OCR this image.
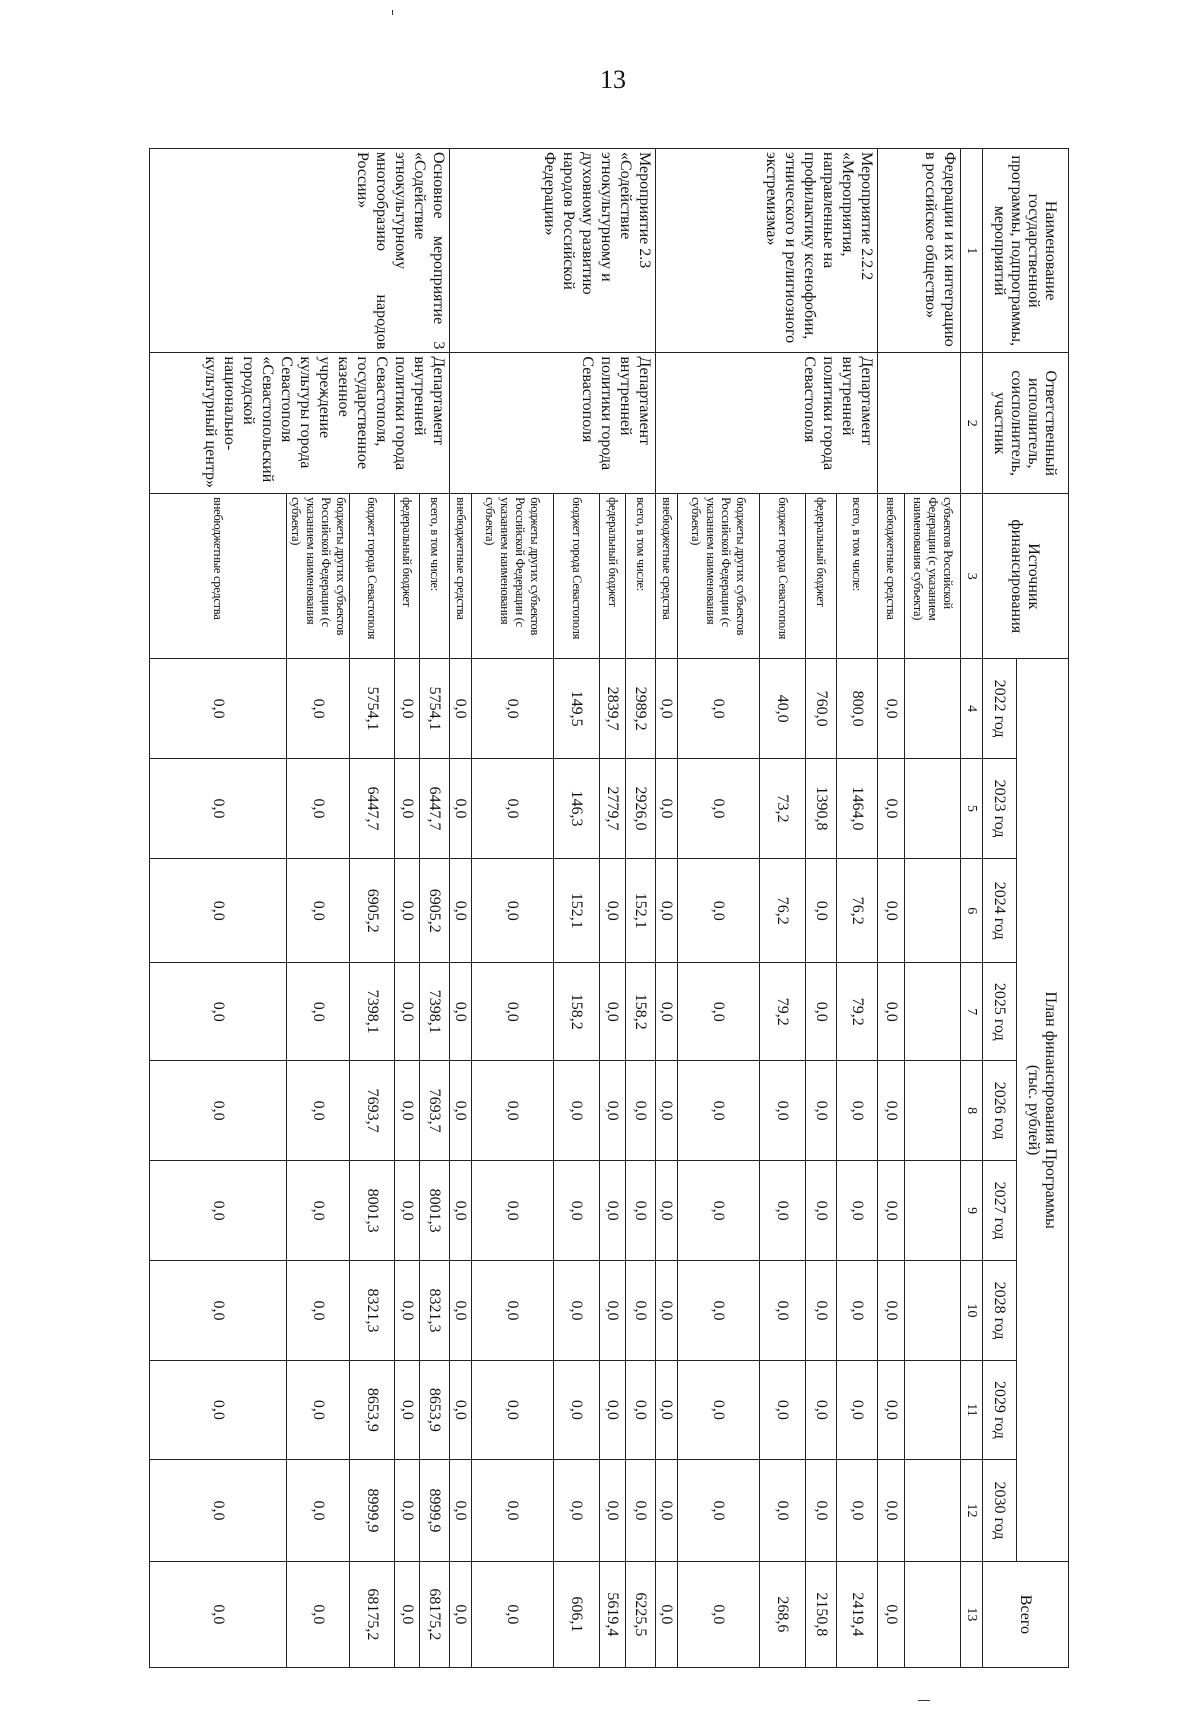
13
Наименование государственной программы, подпрограммы, мероприятий	Ответственный исполнитель, соисполнитель, участник	Источник финансирования	План финансирования Программы
(тыс. рублей)									Всего
			2022 год	2023 год	2024 год	2025 год	2026 год	2027 год	2028 год	2029 год	2030 год	
1	2	3	4	5	6	7	8	9	10	11	12	13
Федерации и их интеграцию в российское общество»		субъектов Российской Федерации (с указанием наименования субъекта)										
		внебюджетные средства	0,0	0,0	0,0	0,0	0,0	0,0	0,0	0,0	0,0	0,0
Мероприятие 2.2.2 «Мероприятия, направленные на профилактику ксенофобии, этнического и религиозного экстремизма»	Департамент внутренней политики города Севастополя	всего, в том числе:	800,0	1464,0	76,2	79,2	0,0	0,0	0,0	0,0	0,0	2419,4
		федеральный бюджет	760,0	1390,8	0,0	0,0	0,0	0,0	0,0	0,0	0,0	2150,8
		бюджет города Севастополя	40,0	73,2	76,2	79,2	0,0	0,0	0,0	0,0	0,0	268,6
		бюджеты других субъектов Российской Федерации (с указанием наименования субъекта)	0,0	0,0	0,0	0,0	0,0	0,0	0,0	0,0	0,0	0,0
		внебюджетные средства	0,0	0,0	0,0	0,0	0,0	0,0	0,0	0,0	0,0	0,0
Мероприятие 2.3 «Содействие этнокультурному и духовному развитию народов Российской Федерации»	Департамент внутренней политики города Севастополя	всего, в том числе:	2989,2	2926,0	152,1	158,2	0,0	0,0	0,0	0,0	0,0	6225,5
		федеральный бюджет	2839,7	2779,7	0,0	0,0	0,0	0,0	0,0	0,0	0,0	5619,4
		бюджет города Севастополя	149,5	146,3	152,1	158,2	0,0	0,0	0,0	0,0	0,0	606,1
		бюджеты других субъектов Российской Федерации (с указанием наименования субъекта)	0,0	0,0	0,0	0,0	0,0	0,0	0,0	0,0	0,0	0,0
		внебюджетные средства	0,0	0,0	0,0	0,0	0,0	0,0	0,0	0,0	0,0	0,0
Основное мероприятие 3 «Содействие этнокультурному многообразию народов России»	Департамент внутренней политики города Севастополя, государственное казенное учреждение культуры города Севастополя «Севастопольский городской национально-культурный центр»	всего, в том числе:	5754,1	6447,7	6905,2	7398,1	7693,7	8001,3	8321,3	8653,9	8999,9	68175,2
		федеральный бюджет	0,0	0,0	0,0	0,0	0,0	0,0	0,0	0,0	0,0	0,0
		бюджет города Севастополя	5754,1	6447,7	6905,2	7398,1	7693,7	8001,3	8321,3	8653,9	8999,9	68175,2
		бюджеты других субъектов Российской Федерации (с указанием наименования субъекта)	0,0	0,0	0,0	0,0	0,0	0,0	0,0	0,0	0,0	0,0
		внебюджетные средства	0,0	0,0	0,0	0,0	0,0	0,0	0,0	0,0	0,0	0,0
